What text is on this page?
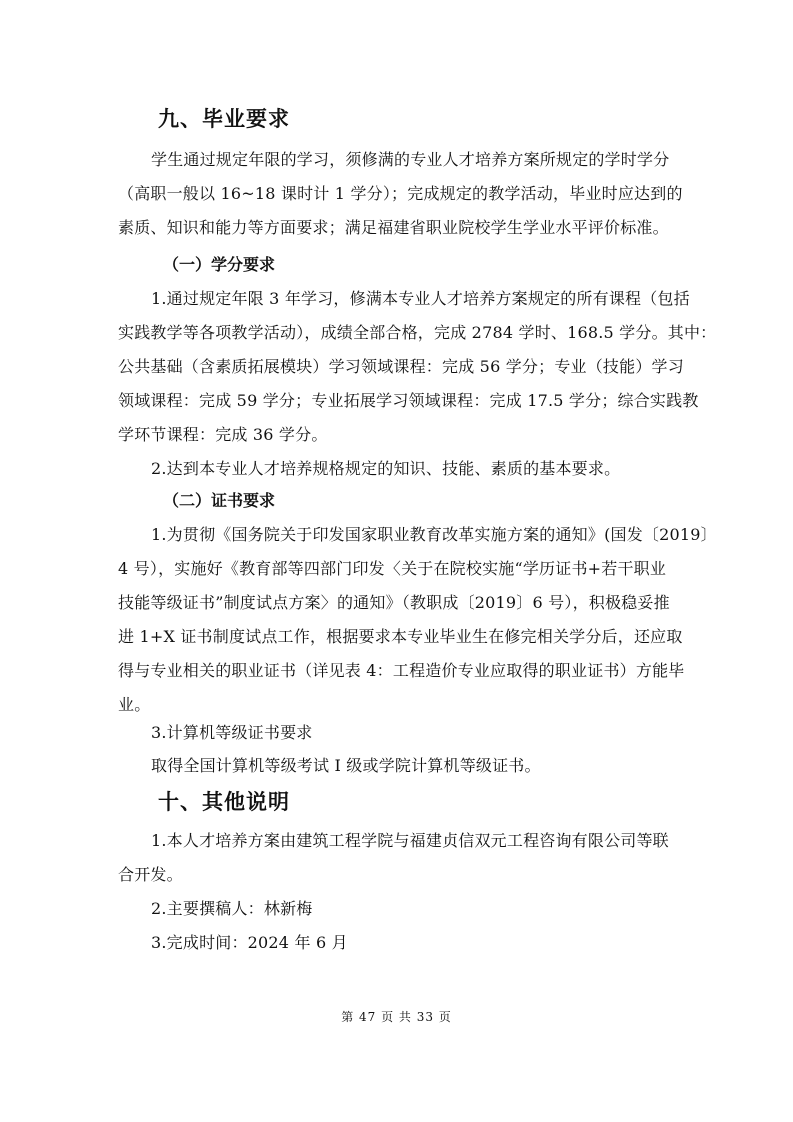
九、毕业要求
学生通过规定年限的学习，须修满的专业人才培养方案所规定的学时学分
（高职一般以 16~18 课时计 1 学分）；完成规定的教学活动，毕业时应达到的
素质、知识和能力等方面要求；满足福建省职业院校学生学业水平评价标准。
（一）学分要求
1.通过规定年限 3 年学习，修满本专业人才培养方案规定的所有课程（包括
实践教学等各项教学活动），成绩全部合格，完成 2784 学时、168.5 学分。其中：
公共基础（含素质拓展模块）学习领域课程：完成 56 学分；专业（技能）学习
领域课程：完成 59 学分；专业拓展学习领域课程：完成 17.5 学分；综合实践教
学环节课程：完成 36 学分。
2.达到本专业人才培养规格规定的知识、技能、素质的基本要求。
（二）证书要求
1.为贯彻《国务院关于印发国家职业教育改革实施方案的通知》(国发〔2019〕
4 号），实施好《教育部等四部门印发〈关于在院校实施“学历证书+若干职业
技能等级证书”制度试点方案〉的通知》（教职成〔2019〕6 号），积极稳妥推
进 1+X 证书制度试点工作，根据要求本专业毕业生在修完相关学分后，还应取
得与专业相关的职业证书（详见表 4：工程造价专业应取得的职业证书）方能毕
业。
3.计算机等级证书要求
取得全国计算机等级考试 I 级或学院计算机等级证书。
十、其他说明
1.本人才培养方案由建筑工程学院与福建贞信双元工程咨询有限公司等联
合开发。
2.主要撰稿人：林新梅
3.完成时间：2024 年 6 月
第 47 页 共 33 页
